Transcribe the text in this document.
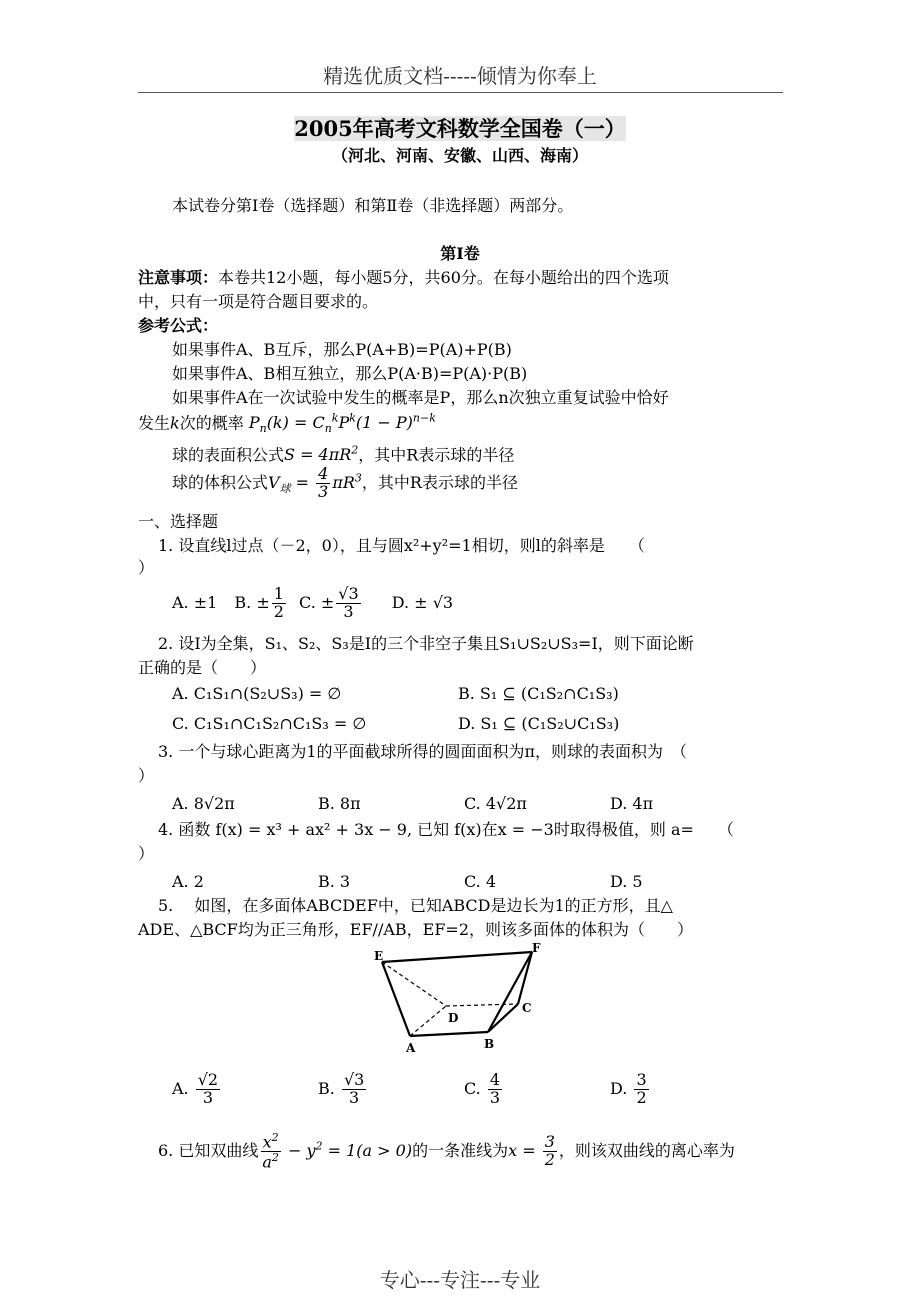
精选优质文档-----倾情为你奉上
2005年高考文科数学全国卷（一）
（河北、河南、安徽、山西、海南）
本试卷分第Ⅰ卷（选择题）和第Ⅱ卷（非选择题）两部分。
第Ⅰ卷
注意事项：本卷共12小题，每小题5分，共60分。在每小题给出的四个选项
中，只有一项是符合题目要求的。
参考公式：
如果事件A、B互斥，那么P(A+B)=P(A)+P(B)
如果事件A、B相互独立，那么P(A·B)=P(A)·P(B)
如果事件A在一次试验中发生的概率是P，那么n次独立重复试验中恰好
发生k次的概率 $P_n(k) = C_n^kP^k(1 - P)^{n-k}$
球的表面积公式$S = 4\pi R^2$，其中R表示球的半径
球的体积公式$V_球 = \frac{4}{3} \pi R^3$，其中R表示球的半径
一、选择题
1. 设直线l过点（－2，0），且与圆x²+y²=1相切，则l的斜率是　　（
）
A. ±1 B. ± $\frac{1}{2} C$. ± $\frac{√3}{3} D$. ± √3
2. 设I为全集，S₁、S₂、S₃是I的三个非空子集且S₁∪S₂∪S₃=I，则下面论断
正确的是（　　）
A. C₁S₁∩(S₂∪S₃) = ∅	B. S₁ ⊆ (C₁S₂∩C₁S₃)
C. C₁S₁∩C₁S₂∩C₁S₃ = ∅	D. S₁ ⊆ (C₁S₂∪C₁S₃)
3. 一个与球心距离为1的平面截球所得的圆面面积为π，则球的表面积为　（
）
A. 8√2π	B. 8π	C. 4√2π	D. 4π
4. 函数 f(x) = x³ + ax² + 3x − 9, 已知 f(x)在x = −3时取得极值，则 a=　　（
）
A. 2	B. 3	C. 4	D. 5
5.　 如图，在多面体ABCDEF中，已知ABCD是边长为1的正方形，且△
ADE、△BCF均为正三角形，EF//AB，EF=2，则该多面体的体积为（　　）
E
F
D
C
A	B
A. $\frac{√2}{3}$	B. $\frac{√3}{3}$	C. $\frac{4}{3}$	D. $\frac{3}{2}$
6. 已知双曲线 $\frac{x^2}{a^2} - y^2 = 1(a > 0)$的一条准线为$x = \frac{3}{2}$ ，则该双曲线的离心率为
专心---专注---专业
